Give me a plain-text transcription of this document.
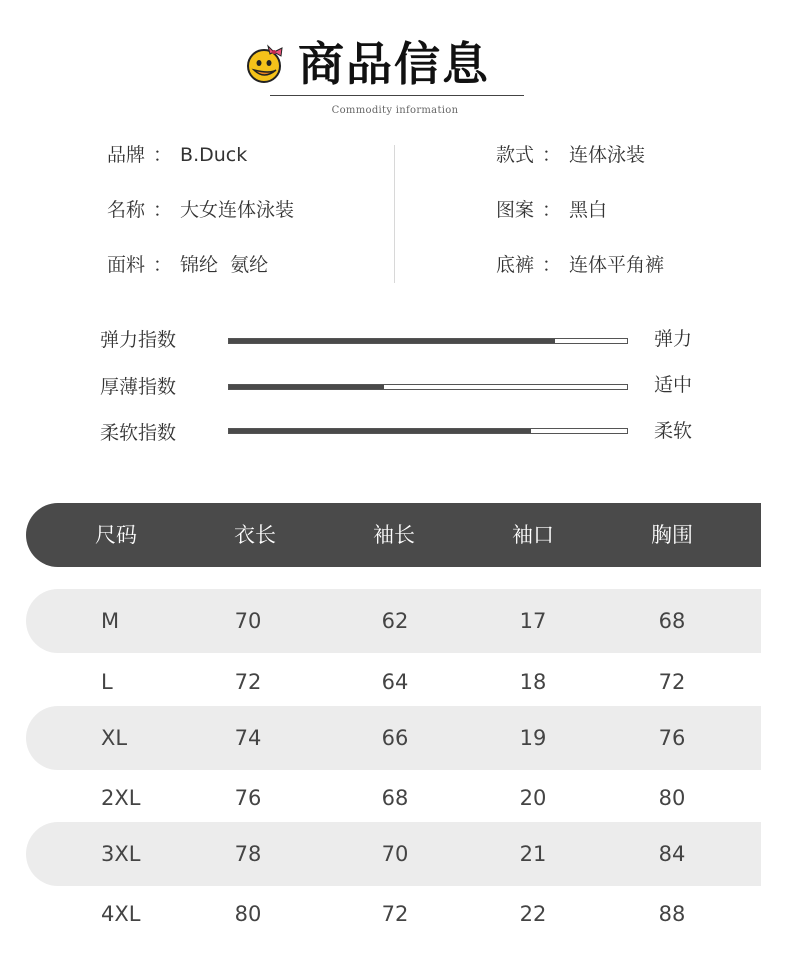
商品信息
Commodity information
品牌 ： B.Duck
名称 ： 大女连体泳装
面料 ： 锦纶  氨纶
款式 ： 连体泳装
图案 ： 黑白
底裤 ： 连体平角裤
弹力指数	弹力
厚薄指数	适中
柔软指数	柔软
尺码	衣长	袖长	袖口	胸围
M	70	62	17	68
L	72	64	18	72
XL	74	66	19	76
2XL	76	68	20	80
3XL	78	70	21	84
4XL	80	72	22	88
